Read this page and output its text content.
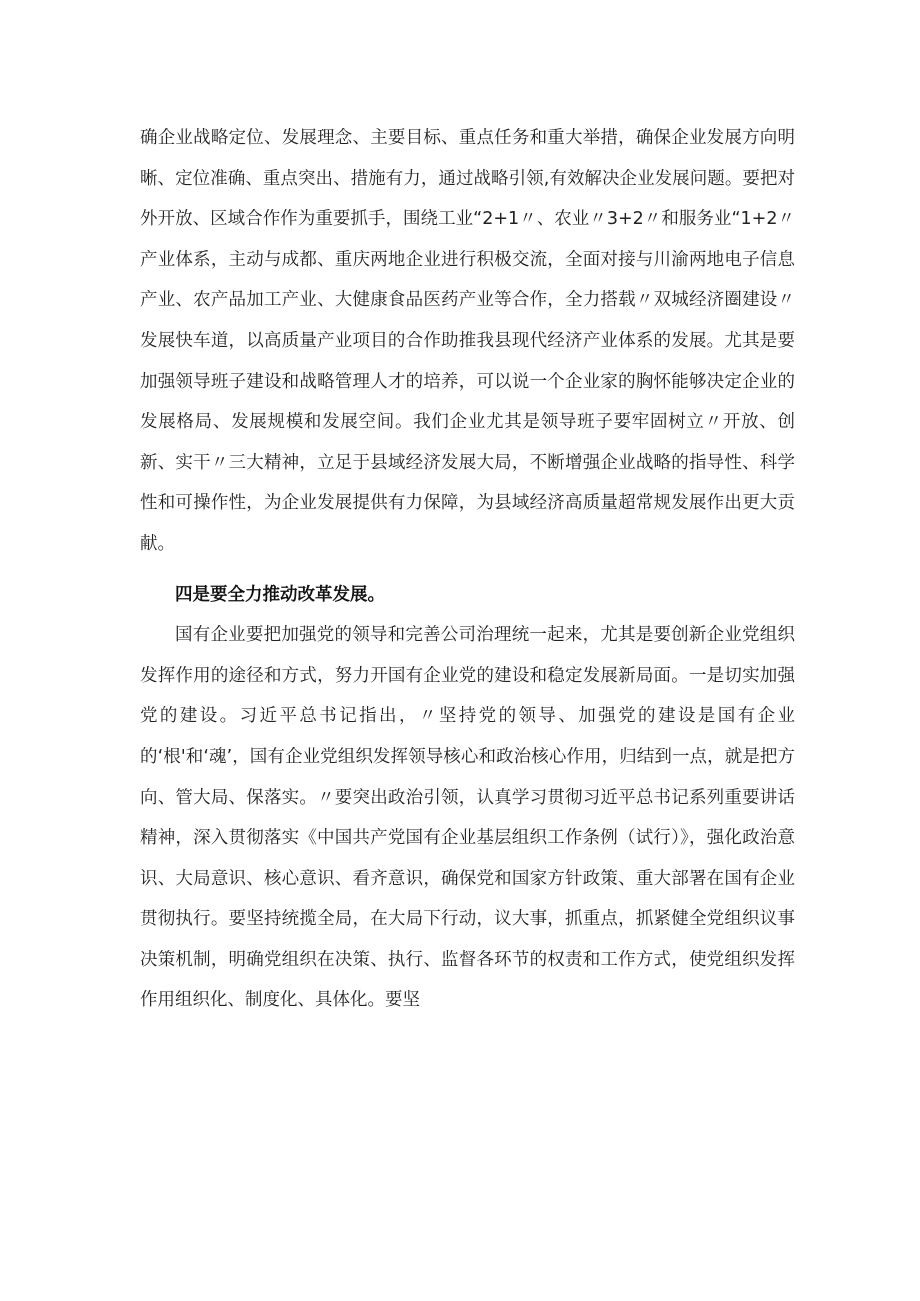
确企业战略定位、发展理念、主要目标、重点任务和重大举措，确保企业发展方向明晰、定位准确、重点突出、措施有力，通过战略引领,有效解决企业发展问题。要把对外开放、区域合作作为重要抓手，围绕工业“2+1〃、农业〃3+2〃和服务业“1+2〃产业体系，主动与成都、重庆两地企业进行积极交流，全面对接与川渝两地电子信息产业、农产品加工产业、大健康食品医药产业等合作，全力搭载〃双城经济圈建设〃发展快车道，以高质量产业项目的合作助推我县现代经济产业体系的发展。尤其是要加强领导班子建设和战略管理人才的培养，可以说一个企业家的胸怀能够决定企业的发展格局、发展规模和发展空间。我们企业尤其是领导班子要牢固树立〃开放、创新、实干〃三大精神，立足于县域经济发展大局，不断增强企业战略的指导性、科学性和可操作性，为企业发展提供有力保障，为县域经济高质量超常规发展作出更大贡献。

四是要全力推动改革发展。

国有企业要把加强党的领导和完善公司治理统一起来，尤其是要创新企业党组织发挥作用的途径和方式，努力开国有企业党的建设和稳定发展新局面。一是切实加强党的建设。习近平总书记指出，〃坚持党的领导、加强党的建设是国有企业的‘根'和‘魂’，国有企业党组织发挥领导核心和政治核心作用，归结到一点，就是把方向、管大局、保落实。〃要突出政治引领，认真学习贯彻习近平总书记系列重要讲话精神，深入贯彻落实《中国共产党国有企业基层组织工作条例（试行）》，强化政治意识、大局意识、核心意识、看齐意识，确保党和国家方针政策、重大部署在国有企业贯彻执行。要坚持统揽全局，在大局下行动，议大事，抓重点，抓紧健全党组织议事决策机制，明确党组织在决策、执行、监督各环节的权责和工作方式，使党组织发挥作用组织化、制度化、具体化。要坚
